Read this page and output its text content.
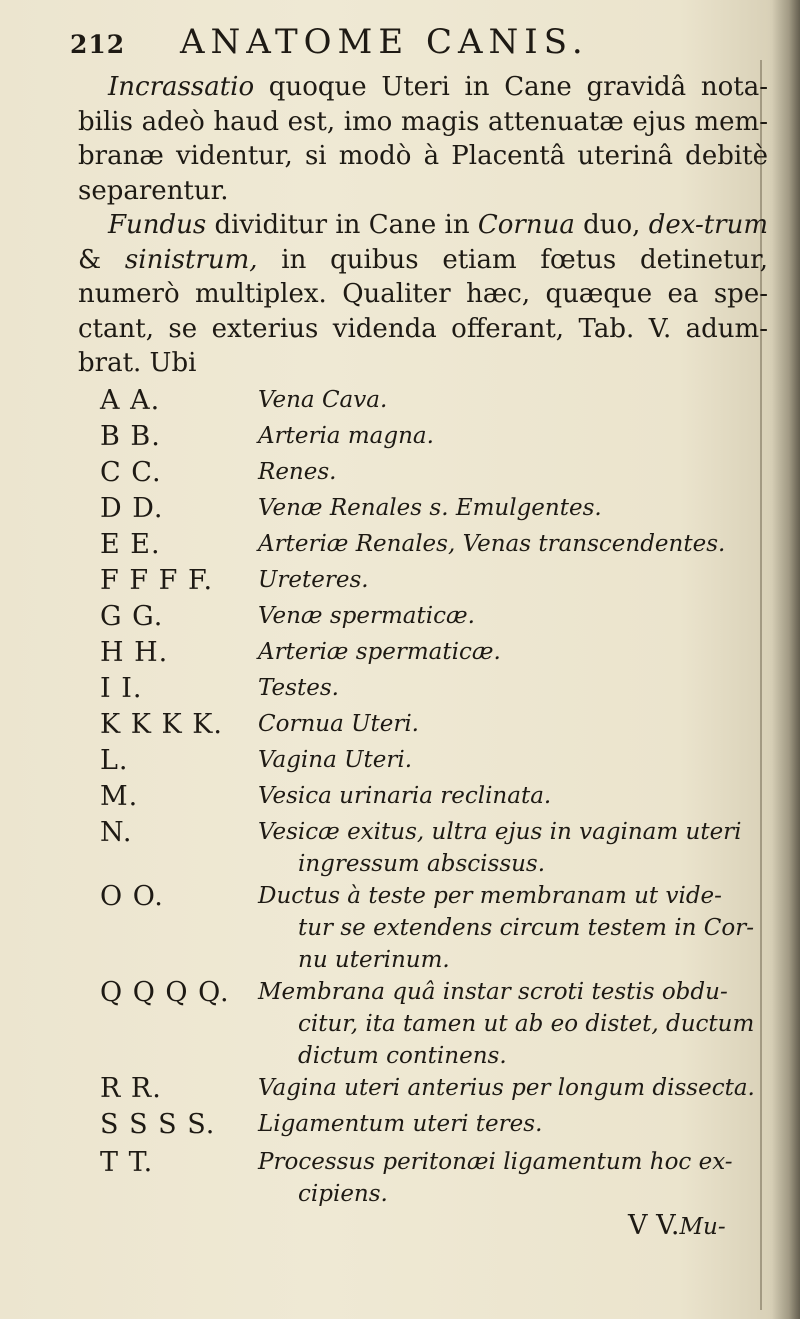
212	ANATOME CANIS.

Incrassatio quoque Uteri in Cane gravidâ nota-bilis adeò haud est, imo magis attenuatæ ejus mem-branæ videntur, si modò à Placentâ uterinâ debitè separentur.

Fundus dividitur in Cane in Cornua duo, dex-trum & sinistrum, in quibus etiam fœtus detinetur, numerò multiplex. Qualiter hæc, quæque ea spe-ctant, se exterius videnda offerant, Tab. V. adum-brat. Ubi

A A.	Vena Cava.
B B.	Arteria magna.
C C.	Renes.
D D.	Venæ Renales s. Emulgentes.
E E.	Arteriæ Renales, Venas transcendentes.
F F F F. Ureteres.
G G.	Venæ spermaticæ.
H H.	Arteriæ spermaticæ.
I I.	Testes.
K K K K. Cornua Uteri.
L.	Vagina Uteri.
M.	Vesica urinaria reclinata.
N.	Vesicæ exitus, ultra ejus in vaginam uteri
ingressum abscissus.
O O.	Ductus à teste per membranam ut vide-
tur se extendens circum testem in Cor-
nu uterinum.
Q Q Q Q. Membrana quâ instar scroti testis obdu-
citur, ita tamen ut ab eo distet, ductum
dictum continens.
R R.	Vagina uteri anterius per longum dissecta.
S S S S. Ligamentum uteri teres.
T T.	Processus peritonæi ligamentum hoc ex-
cipiens.
V V.Mu-
